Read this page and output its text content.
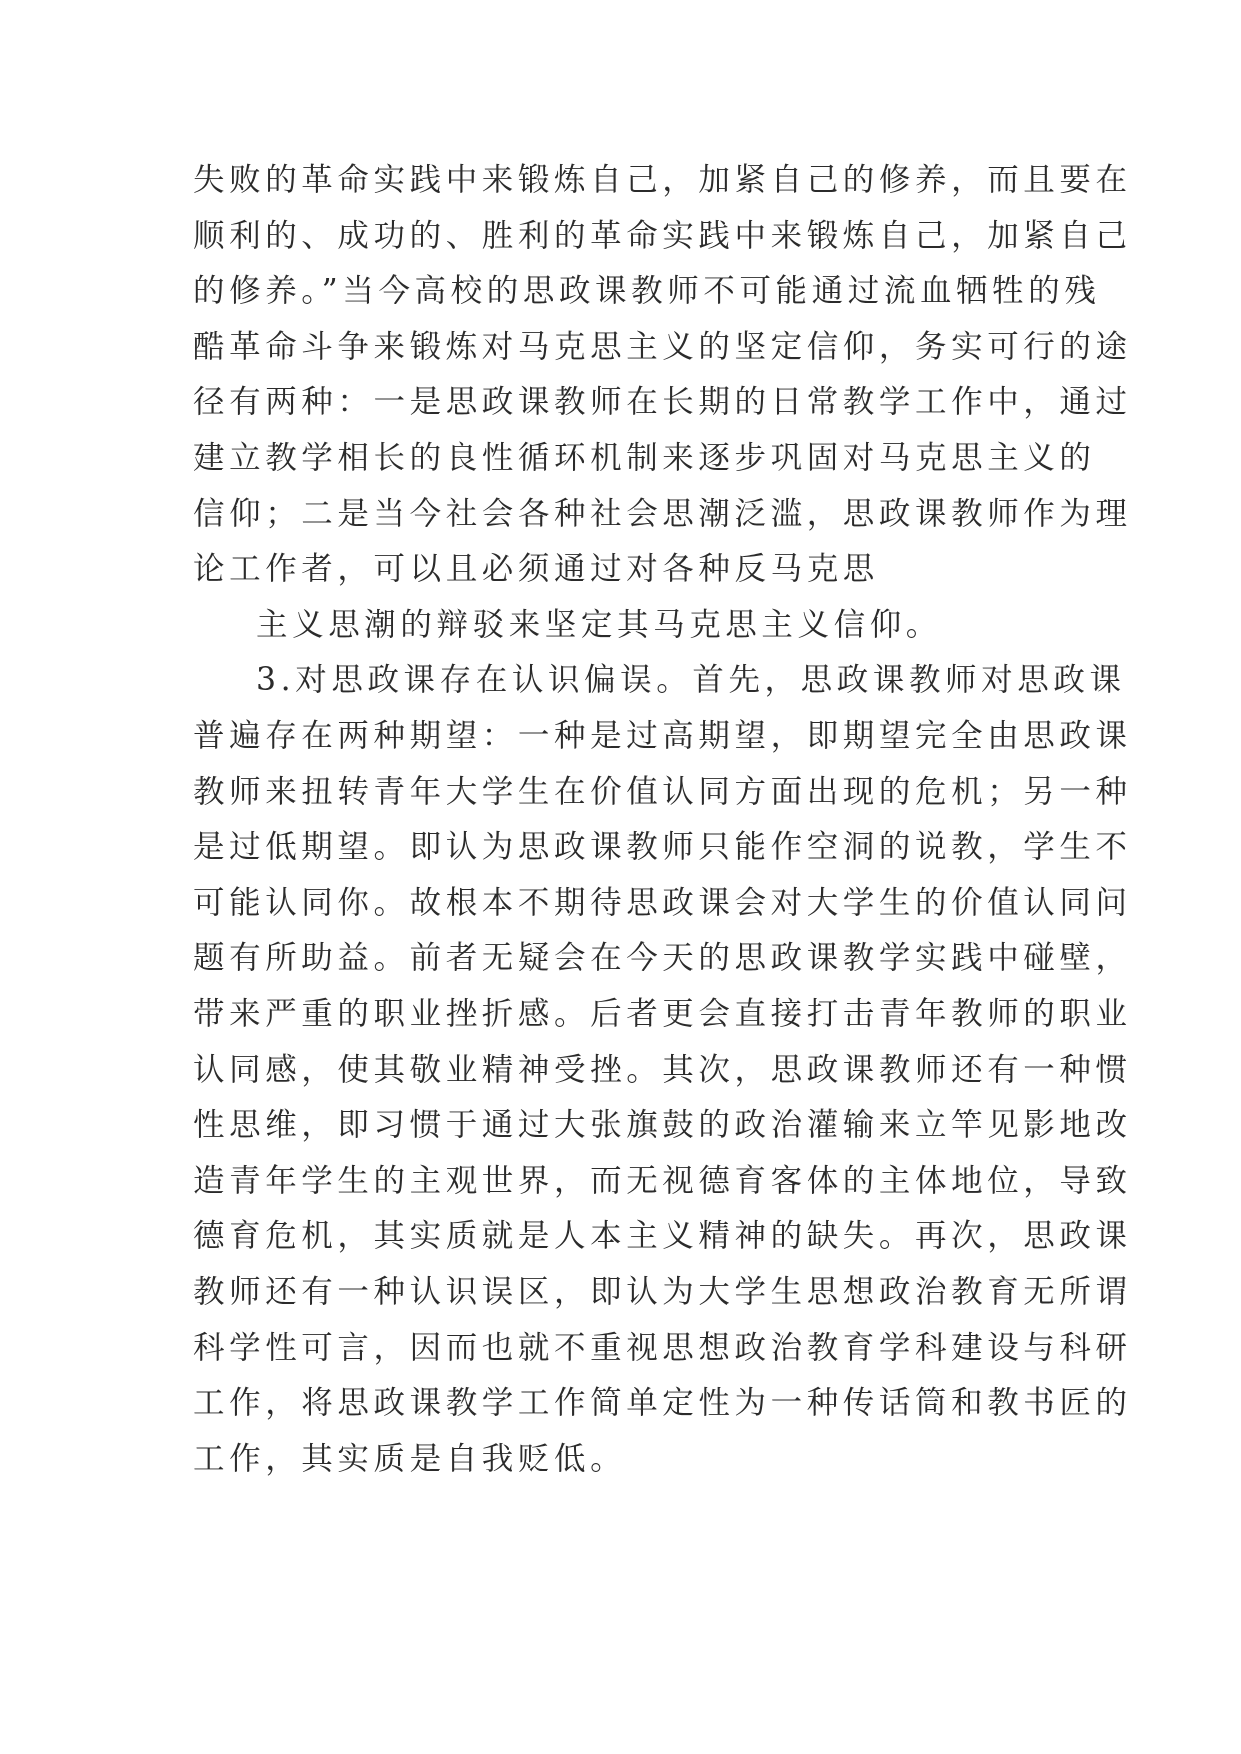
失败的革命实践中来锻炼自己，加紧自己的修养，而且要在
顺利的、成功的、胜利的革命实践中来锻炼自己，加紧自己
的修养。”当今高校的思政课教师不可能通过流血牺牲的残
酷革命斗争来锻炼对马克思主义的坚定信仰，务实可行的途
径有两种：一是思政课教师在长期的日常教学工作中，通过
建立教学相长的良性循环机制来逐步巩固对马克思主义的
信仰；二是当今社会各种社会思潮泛滥，思政课教师作为理
论工作者，可以且必须通过对各种反马克思
主义思潮的辩驳来坚定其马克思主义信仰。
3.对思政课存在认识偏误。首先，思政课教师对思政课
普遍存在两种期望：一种是过高期望，即期望完全由思政课
教师来扭转青年大学生在价值认同方面出现的危机；另一种
是过低期望。即认为思政课教师只能作空洞的说教，学生不
可能认同你。故根本不期待思政课会对大学生的价值认同问
题有所助益。前者无疑会在今天的思政课教学实践中碰壁，
带来严重的职业挫折感。后者更会直接打击青年教师的职业
认同感，使其敬业精神受挫。其次，思政课教师还有一种惯
性思维，即习惯于通过大张旗鼓的政治灌输来立竿见影地改
造青年学生的主观世界，而无视德育客体的主体地位，导致
德育危机，其实质就是人本主义精神的缺失。再次，思政课
教师还有一种认识误区，即认为大学生思想政治教育无所谓
科学性可言，因而也就不重视思想政治教育学科建设与科研
工作，将思政课教学工作简单定性为一种传话筒和教书匠的
工作，其实质是自我贬低。
